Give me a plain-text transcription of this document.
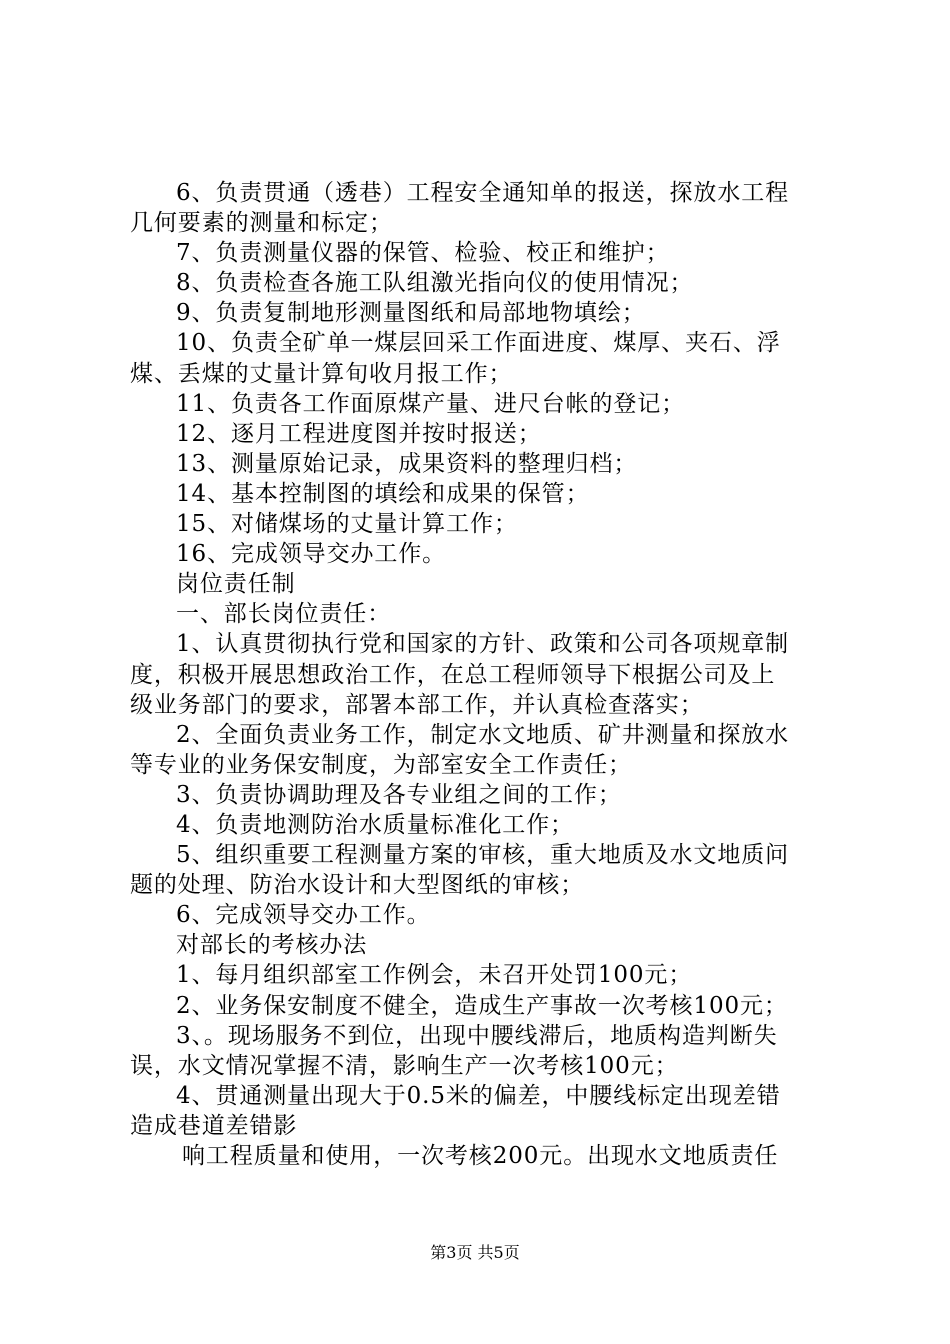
6、负责贯通（透巷）工程安全通知单的报送，探放水工程
几何要素的测量和标定；
7、负责测量仪器的保管、检验、校正和维护；
8、负责检查各施工队组激光指向仪的使用情况；
9、负责复制地形测量图纸和局部地物填绘；
10、负责全矿单一煤层回采工作面进度、煤厚、夹石、浮
煤、丢煤的丈量计算旬收月报工作；
11、负责各工作面原煤产量、进尺台帐的登记；
12、逐月工程进度图并按时报送；
13、测量原始记录，成果资料的整理归档；
14、基本控制图的填绘和成果的保管；
15、对储煤场的丈量计算工作；
16、完成领导交办工作。
岗位责任制
一、部长岗位责任：
1、认真贯彻执行党和国家的方针、政策和公司各项规章制
度，积极开展思想政治工作，在总工程师领导下根据公司及上
级业务部门的要求，部署本部工作，并认真检查落实；
2、全面负责业务工作，制定水文地质、矿井测量和探放水
等专业的业务保安制度，为部室安全工作责任；
3、负责协调助理及各专业组之间的工作；
4、负责地测防治水质量标准化工作；
5、组织重要工程测量方案的审核，重大地质及水文地质问
题的处理、防治水设计和大型图纸的审核；
6、完成领导交办工作。
对部长的考核办法
1、每月组织部室工作例会，未召开处罚100元；
2、业务保安制度不健全，造成生产事故一次考核100元；
3、。现场服务不到位，出现中腰线滞后，地质构造判断失
误，水文情况掌握不清，影响生产一次考核100元；
4、贯通测量出现大于0.5米的偏差，中腰线标定出现差错
造成巷道差错影
响工程质量和使用，一次考核200元。出现水文地质责任
第3页 共5页
